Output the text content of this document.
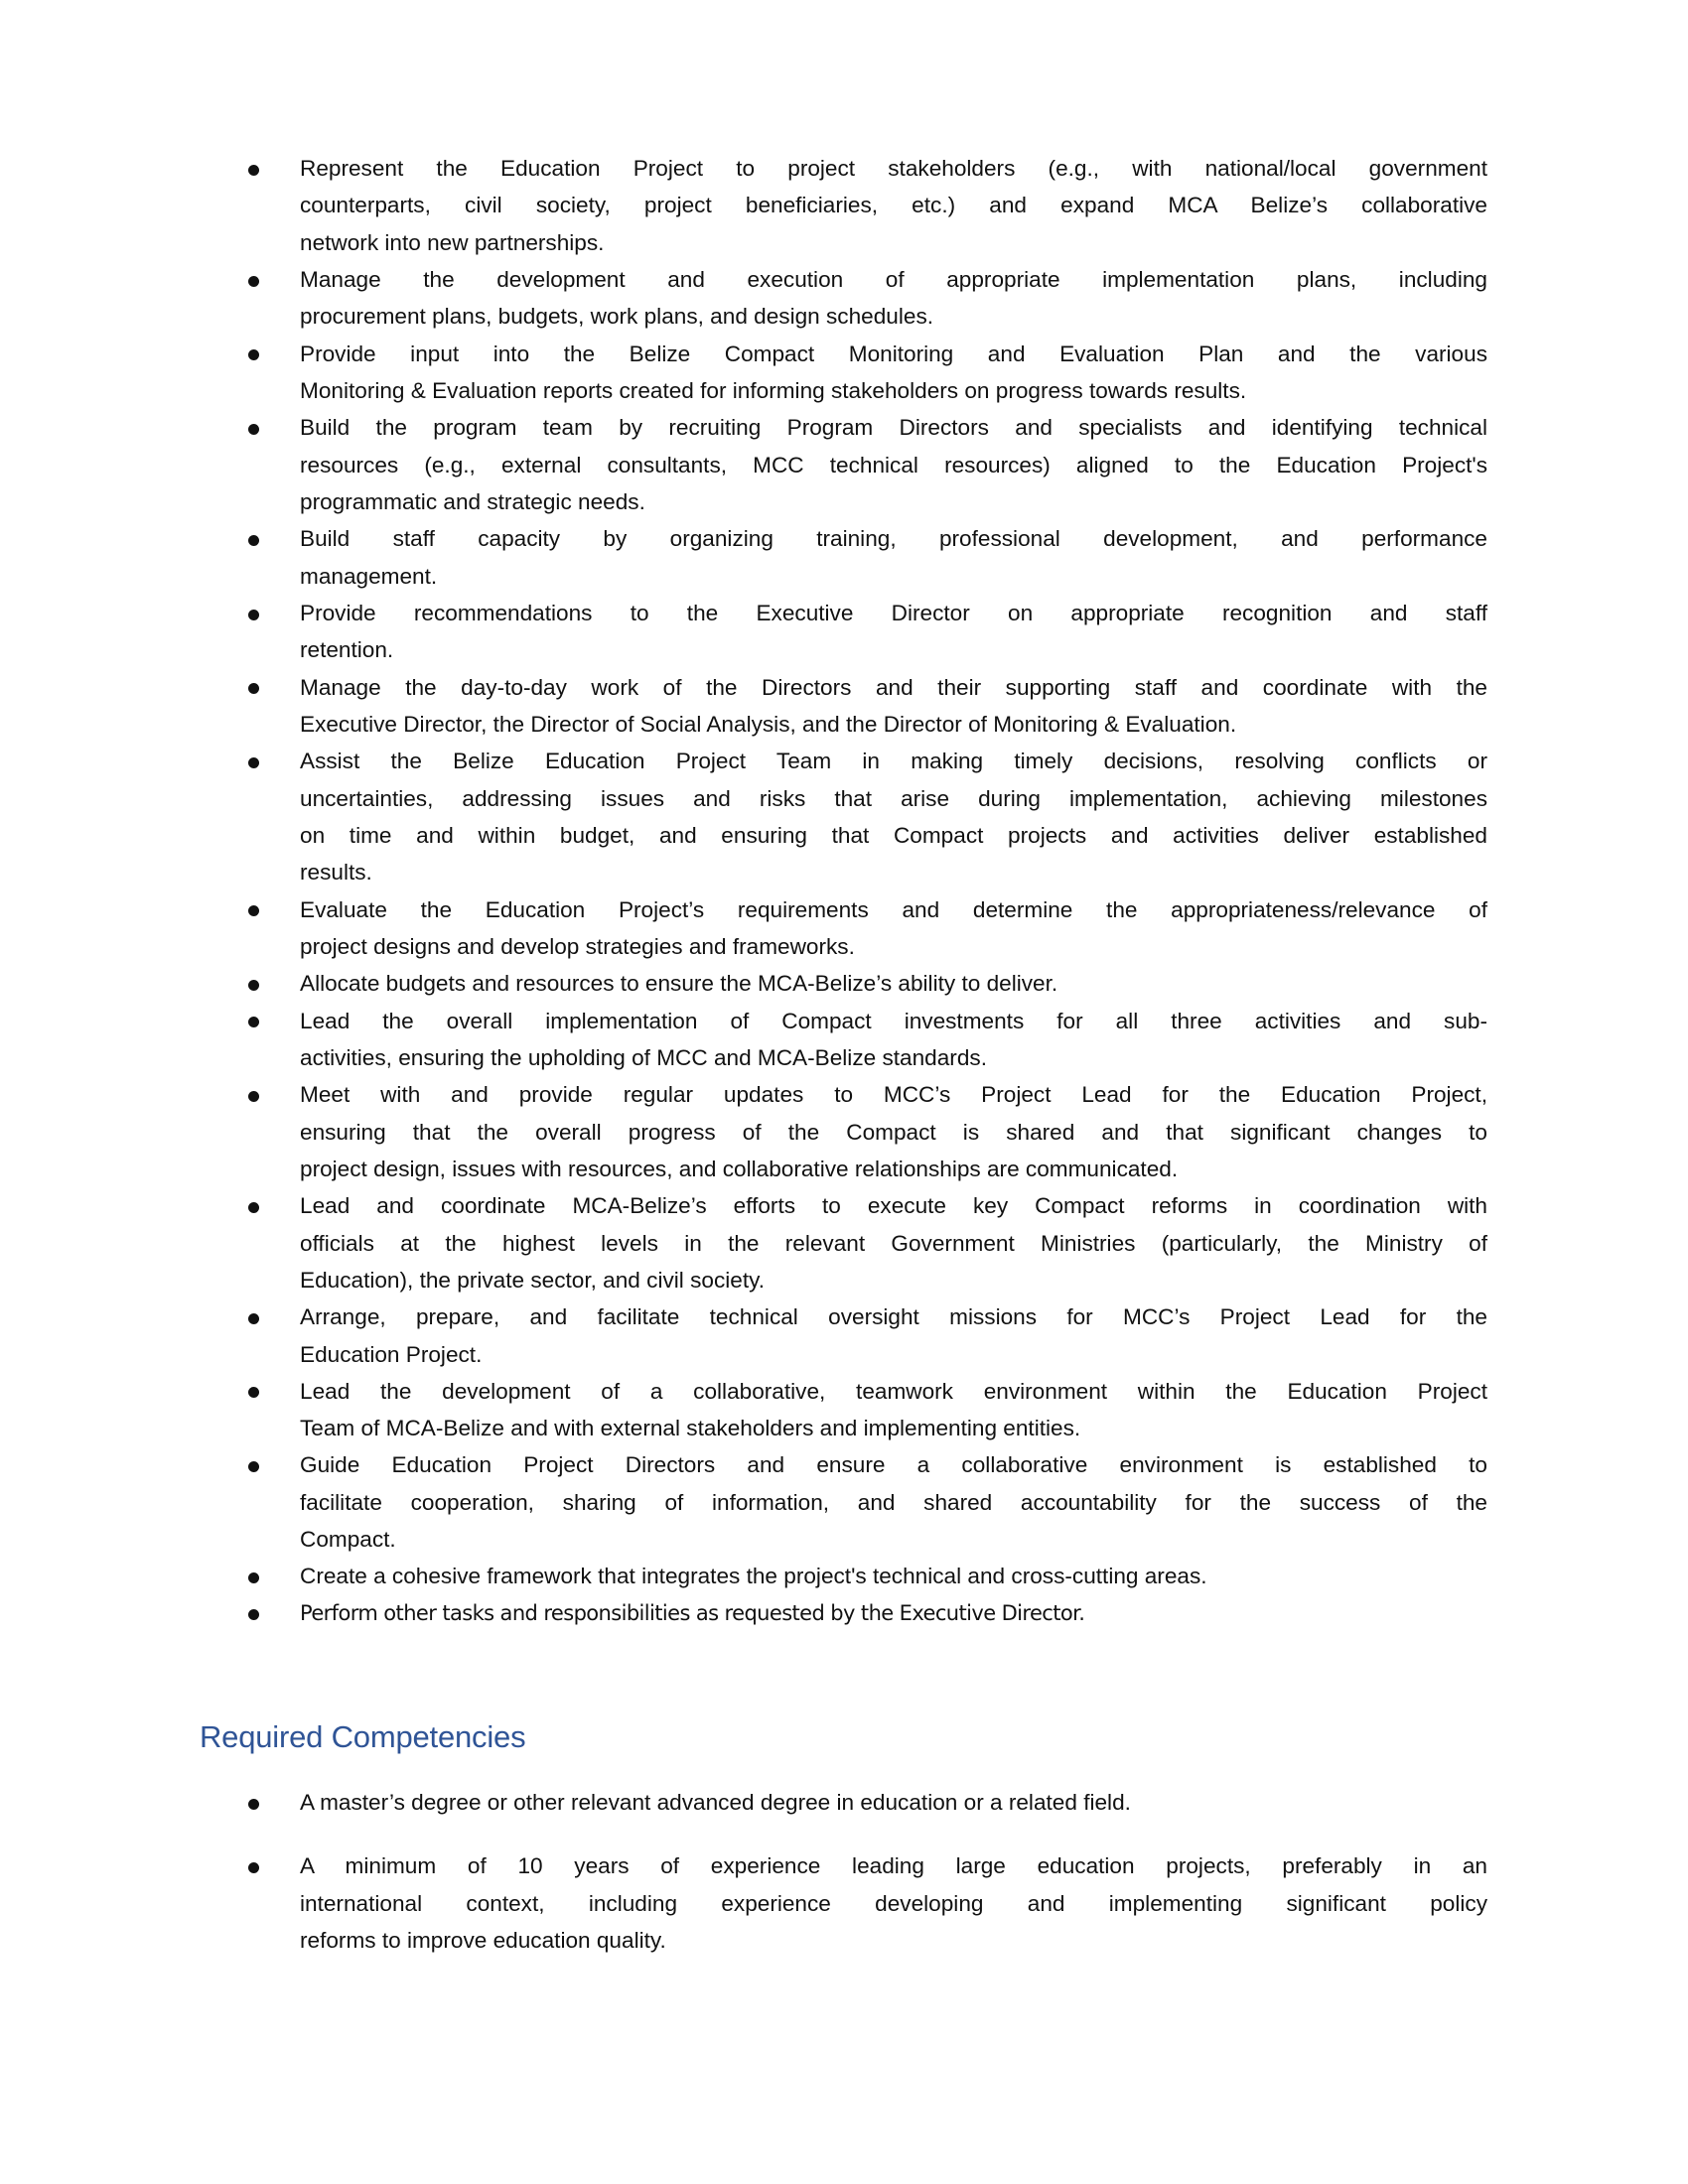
Represent the Education Project to project stakeholders (e.g., with national/local government
counterparts, civil society, project beneficiaries, etc.) and expand MCA Belize’s collaborative
network into new partnerships.
Manage the development and execution of appropriate implementation plans, including
procurement plans, budgets, work plans, and design schedules.
Provide input into the Belize Compact Monitoring and Evaluation Plan and the various
Monitoring & Evaluation reports created for informing stakeholders on progress towards results.
Build the program team by recruiting Program Directors and specialists and identifying technical
resources (e.g., external consultants, MCC technical resources) aligned to the Education Project's
programmatic and strategic needs.
Build staff capacity by organizing training, professional development, and performance
management.
Provide recommendations to the Executive Director on appropriate recognition and staff
retention.
Manage the day-to-day work of the Directors and their supporting staff and coordinate with the
Executive Director, the Director of Social Analysis, and the Director of Monitoring & Evaluation.
Assist the Belize Education Project Team in making timely decisions, resolving conflicts or
uncertainties, addressing issues and risks that arise during implementation, achieving milestones
on time and within budget, and ensuring that Compact projects and activities deliver established
results.
Evaluate the Education Project’s requirements and determine the appropriateness/relevance of
project designs and develop strategies and frameworks.
Allocate budgets and resources to ensure the MCA-Belize’s ability to deliver.
Lead the overall implementation of Compact investments for all three activities and sub-
activities, ensuring the upholding of MCC and MCA-Belize standards.
Meet with and provide regular updates to MCC’s Project Lead for the Education Project,
ensuring that the overall progress of the Compact is shared and that significant changes to
project design, issues with resources, and collaborative relationships are communicated.
Lead and coordinate MCA-Belize’s efforts to execute key Compact reforms in coordination with
officials at the highest levels in the relevant Government Ministries (particularly, the Ministry of
Education), the private sector, and civil society.
Arrange, prepare, and facilitate technical oversight missions for MCC’s Project Lead for the
Education Project.
Lead the development of a collaborative, teamwork environment within the Education Project
Team of MCA-Belize and with external stakeholders and implementing entities.
Guide Education Project Directors and ensure a collaborative environment is established to
facilitate cooperation, sharing of information, and shared accountability for the success of the
Compact.
Create a cohesive framework that integrates the project's technical and cross-cutting areas.
Perform other tasks and responsibilities as requested by the Executive Director.
Required Competencies
A master’s degree or other relevant advanced degree in education or a related field.
A minimum of 10 years of experience leading large education projects, preferably in an
international context, including experience developing and implementing significant policy
reforms to improve education quality.
